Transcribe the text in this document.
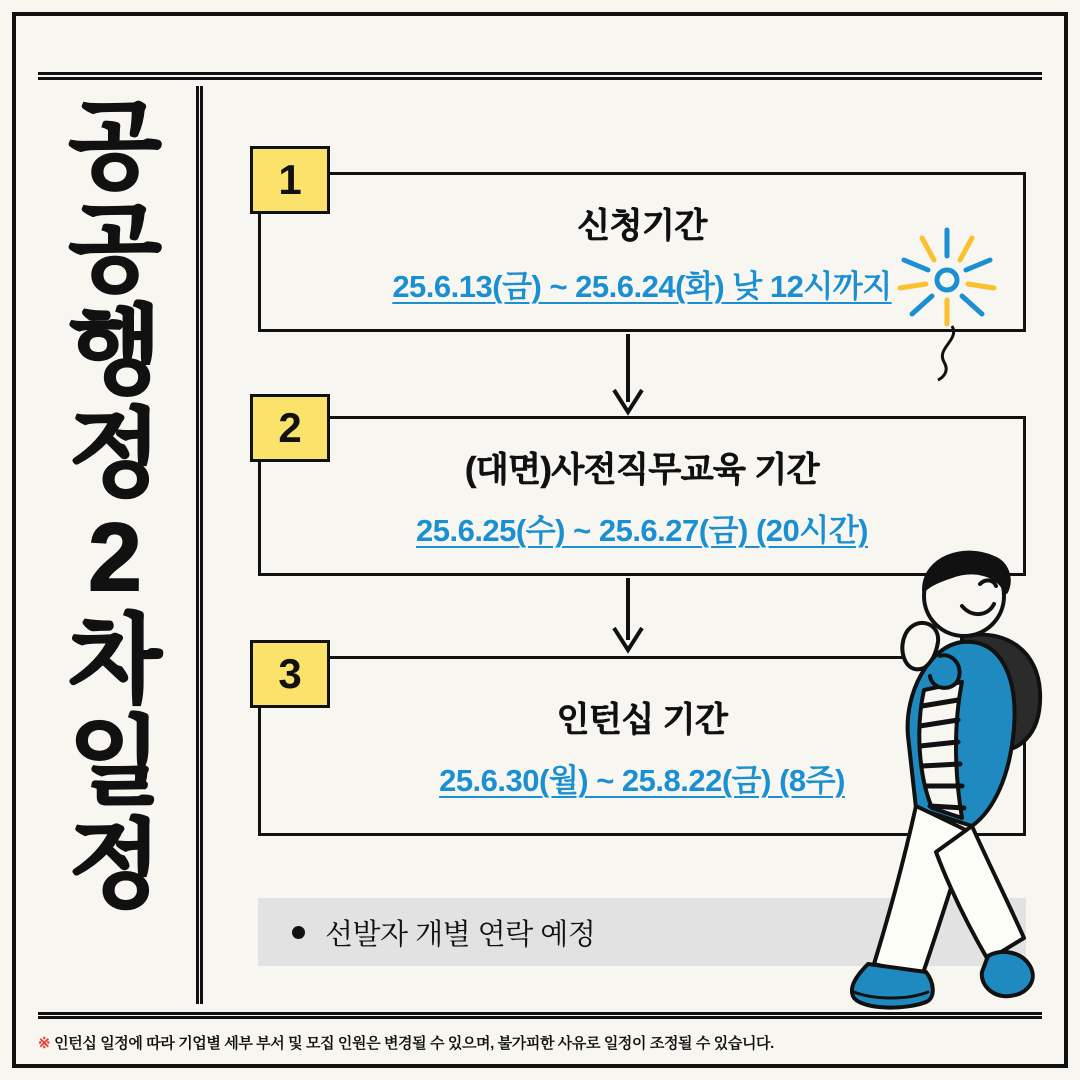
공
공
행
정
2
차
일
정
신청기간
25.6.13(금) ~ 25.6.24(화) 낮 12시까지
1
(대면)사전직무교육 기간
25.6.25(수) ~ 25.6.27(금) (20시간)
2
인턴십 기간
25.6.30(월) ~ 25.8.22(금) (8주)
3
선발자 개별 연락 예정
※ 인턴십 일정에 따라 기업별 세부 부서 및 모집 인원은 변경될 수 있으며, 불가피한 사유로 일정이 조정될 수 있습니다.
